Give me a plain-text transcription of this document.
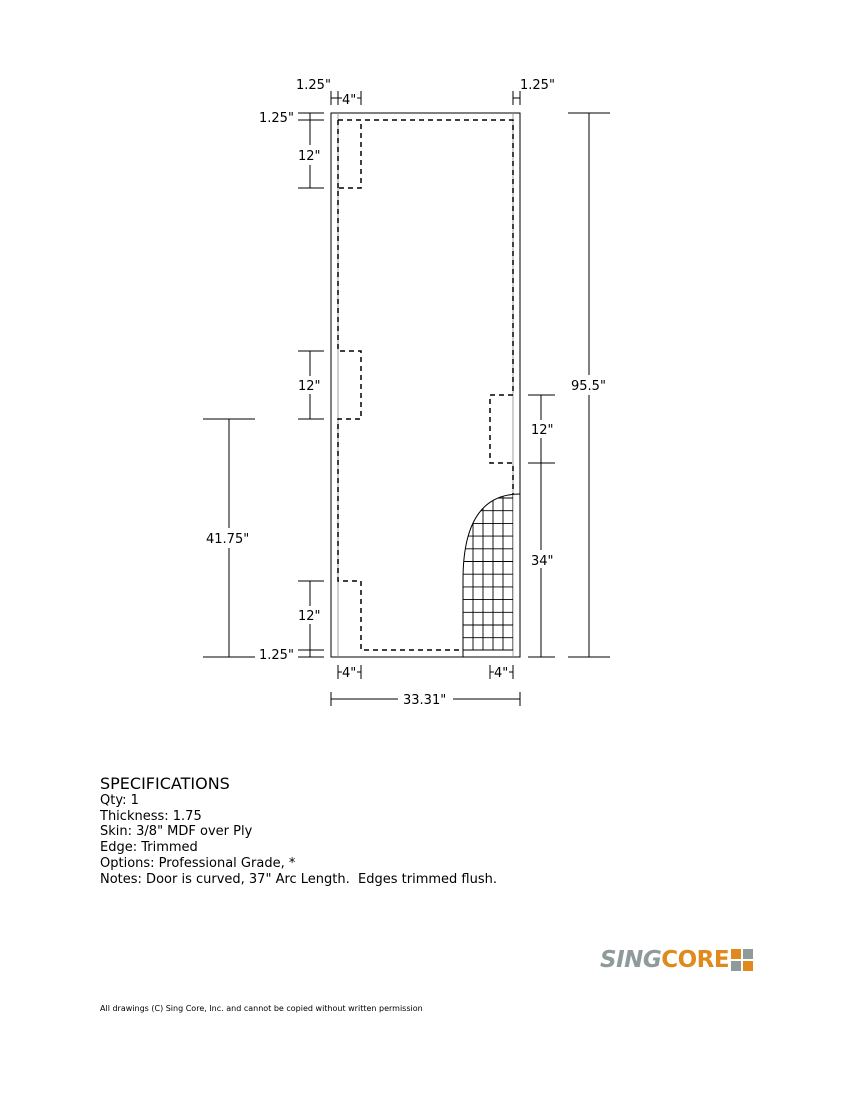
1.25"
4"
1.25"
1.25"
12"
12"
12"
1.25"
41.75"
95.5"
12"
34"
4"	4"
33.31"
SPECIFICATIONS
Qty: 1
Thickness: 1.75
Skin: 3/8" MDF over Ply
Edge: Trimmed
Options: Professional Grade, *
Notes: Door is curved, 37" Arc Length.  Edges trimmed flush.
SING CORE
All drawings (C) Sing Core, Inc. and cannot be copied without written permission
